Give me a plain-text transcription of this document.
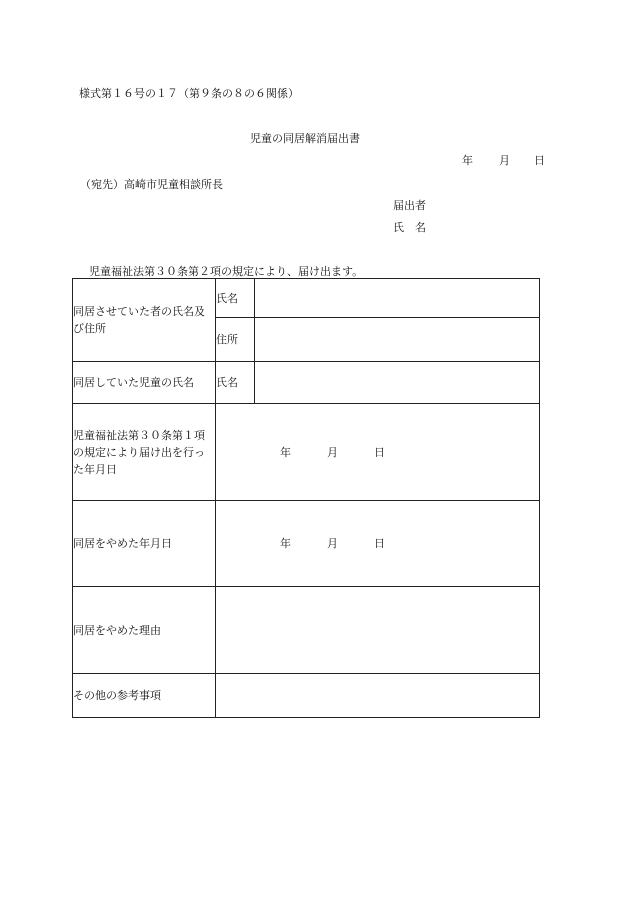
様式第１６号の１７（第９条の８の６関係）
児童の同居解消届出書
年 月 日
（宛先）高崎市児童相談所長
届出者
氏　名
児童福祉法第３０条第２項の規定により、届け出ます。
同居させていた者の氏名及び住所	氏名	
	住所	
同居していた児童の氏名	氏名	
児童福祉法第３０条第１項の規定により届け出を行った年月日	年 月 日	
同居をやめた年月日	年 月 日	
同居をやめた理由		
その他の参考事項		
